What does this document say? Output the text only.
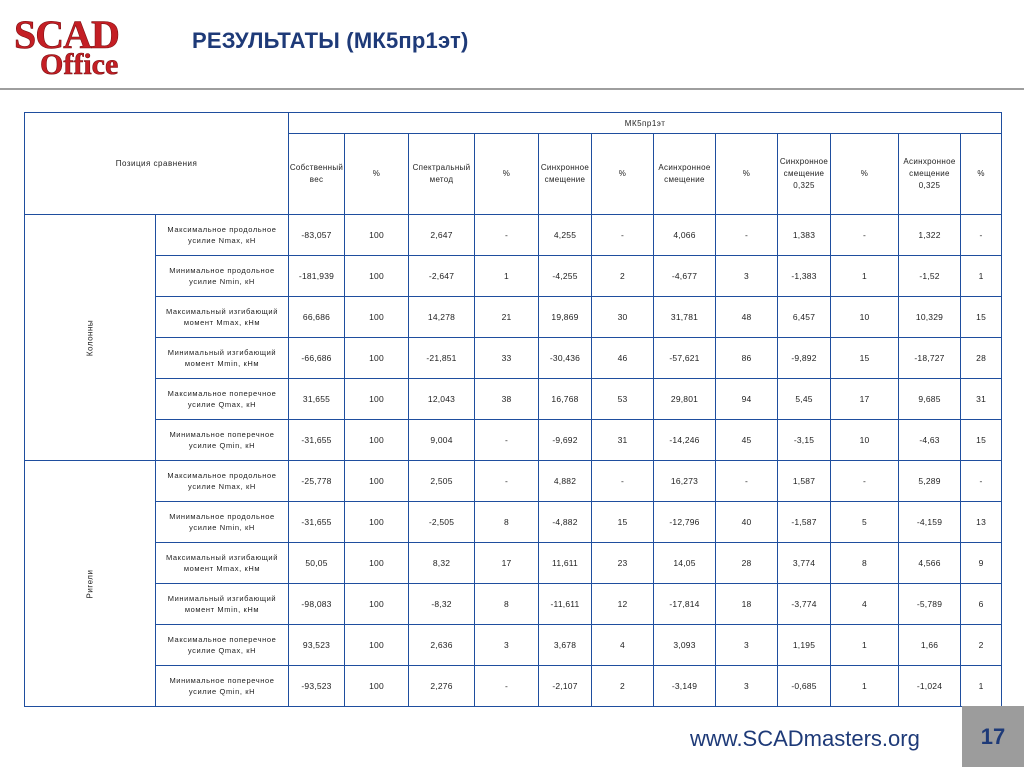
SCAD
Office
РЕЗУЛЬТАТЫ (МК5пр1эт)
Позиция сравнения		МК5пр1эт											
		Собственный вес	%	Спектральный метод	%	Синхронное смещение	%	Асинхронное смещение	%	Синхронное смещение 0,325	%	Асинхронное смещение 0,325	%

Колонны	Максимальное продольное усилие Nmax, кН	-83,057	100	2,647	-	4,255	-	4,066	-	1,383	-	1,322	-
	Минимальное продольное усилие Nmin, кН	-181,939	100	-2,647	1	-4,255	2	-4,677	3	-1,383	1	-1,52	1
	Максимальный изгибающий момент Mmax, кНм	66,686	100	14,278	21	19,869	30	31,781	48	6,457	10	10,329	15
	Минимальный изгибающий момент Mmin, кНм	-66,686	100	-21,851	33	-30,436	46	-57,621	86	-9,892	15	-18,727	28
	Максимальное поперечное усилие Qmax, кН	31,655	100	12,043	38	16,768	53	29,801	94	5,45	17	9,685	31
	Минимальное поперечное усилие Qmin, кН	-31,655	100	9,004	-	-9,692	31	-14,246	45	-3,15	10	-4,63	15

Ригели	Максимальное продольное усилие Nmax, кН	-25,778	100	2,505	-	4,882	-	16,273	-	1,587	-	5,289	-
	Минимальное продольное усилие Nmin, кН	-31,655	100	-2,505	8	-4,882	15	-12,796	40	-1,587	5	-4,159	13
	Максимальный изгибающий момент Mmax, кНм	50,05	100	8,32	17	11,611	23	14,05	28	3,774	8	4,566	9
	Минимальный изгибающий момент Mmin, кНм	-98,083	100	-8,32	8	-11,611	12	-17,814	18	-3,774	4	-5,789	6
	Максимальное поперечное усилие Qmax, кН	93,523	100	2,636	3	3,678	4	3,093	3	1,195	1	1,66	2
	Минимальное поперечное усилие Qmin, кН	-93,523	100	2,276	-	-2,107	2	-3,149	3	-0,685	1	-1,024	1
www.SCADmasters.org	17
